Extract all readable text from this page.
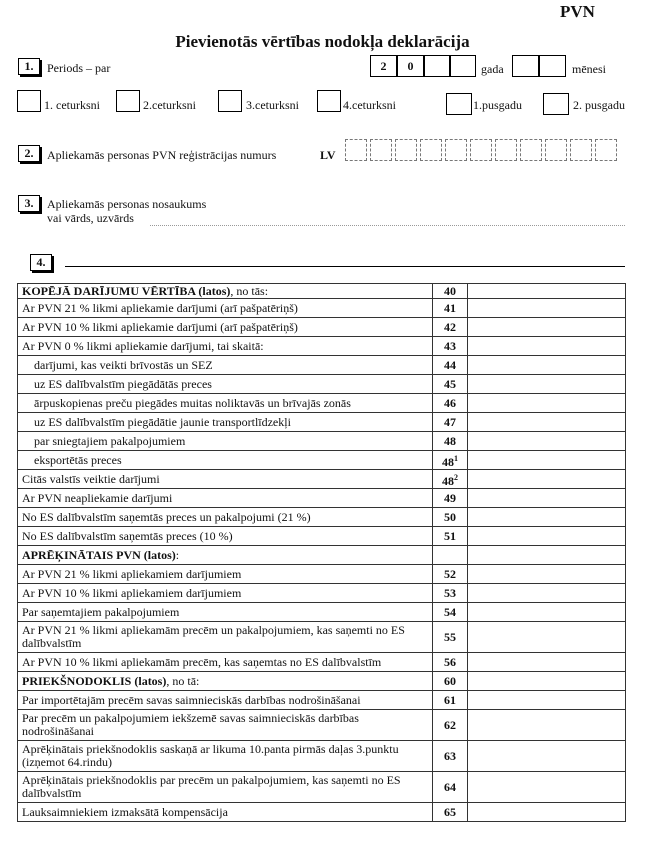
PVN
Pievienotās vērtības nodokļa deklarācija
1.	Periods – par	2	0	gada	mēnesi
1. ceturksni	2.ceturksni	3.ceturksni	4.ceturksni	1.pusgadu	2. pusgadu
2.	Apliekamās personas PVN reģistrācijas numurs	LV
3.	Apliekamās personas nosaukums
vai vārds, uzvārds
4.
KOPĒJĀ DARĪJUMU VĒRTĪBA (latos), no tās:	40	
Ar PVN 21 % likmi apliekamie darījumi (arī pašpatēriņš)	41	
Ar PVN 10 % likmi apliekamie darījumi (arī pašpatēriņš)	42	
Ar PVN 0 % likmi apliekamie darījumi, tai skaitā:	43	
darījumi, kas veikti brīvostās un SEZ	44	
uz ES dalībvalstīm piegādātās preces	45	
ārpuskopienas preču piegādes muitas noliktavās un brīvajās zonās	46	
uz ES dalībvalstīm piegādātie jaunie transportlīdzekļi	47	
par sniegtajiem pakalpojumiem	48	
eksportētās preces	$48^1$	
Citās valstīs veiktie darījumi	$48^2$	
Ar PVN neapliekamie darījumi	49	
No ES dalībvalstīm saņemtās preces un pakalpojumi (21 %)	50	
No ES dalībvalstīm saņemtās preces (10 %)	51	
APRĒĶINĀTAIS PVN (latos):		
Ar PVN 21 % likmi apliekamiem darījumiem	52	
Ar PVN 10 % likmi apliekamiem darījumiem	53	
Par saņemtajiem pakalpojumiem	54	
Ar PVN 21 % likmi apliekamām precēm un pakalpojumiem, kas saņemti no ES dalībvalstīm	55	
Ar PVN 10 % likmi apliekamām precēm, kas saņemtas no ES dalībvalstīm	56	
PRIEKŠNODOKLIS (latos), no tā:	60	
Par importētajām precēm savas saimnieciskās darbības nodrošināšanai	61	
Par precēm un pakalpojumiem iekšzemē savas saimnieciskās darbības nodrošināšanai	62	
Aprēķinātais priekšnodoklis saskaņā ar likuma 10.panta pirmās daļas 3.punktu (izņemot 64.rindu)	63	
Aprēķinātais priekšnodoklis par precēm un pakalpojumiem, kas saņemti no ES dalībvalstīm	64	
Lauksaimniekiem izmaksātā kompensācija	65	
